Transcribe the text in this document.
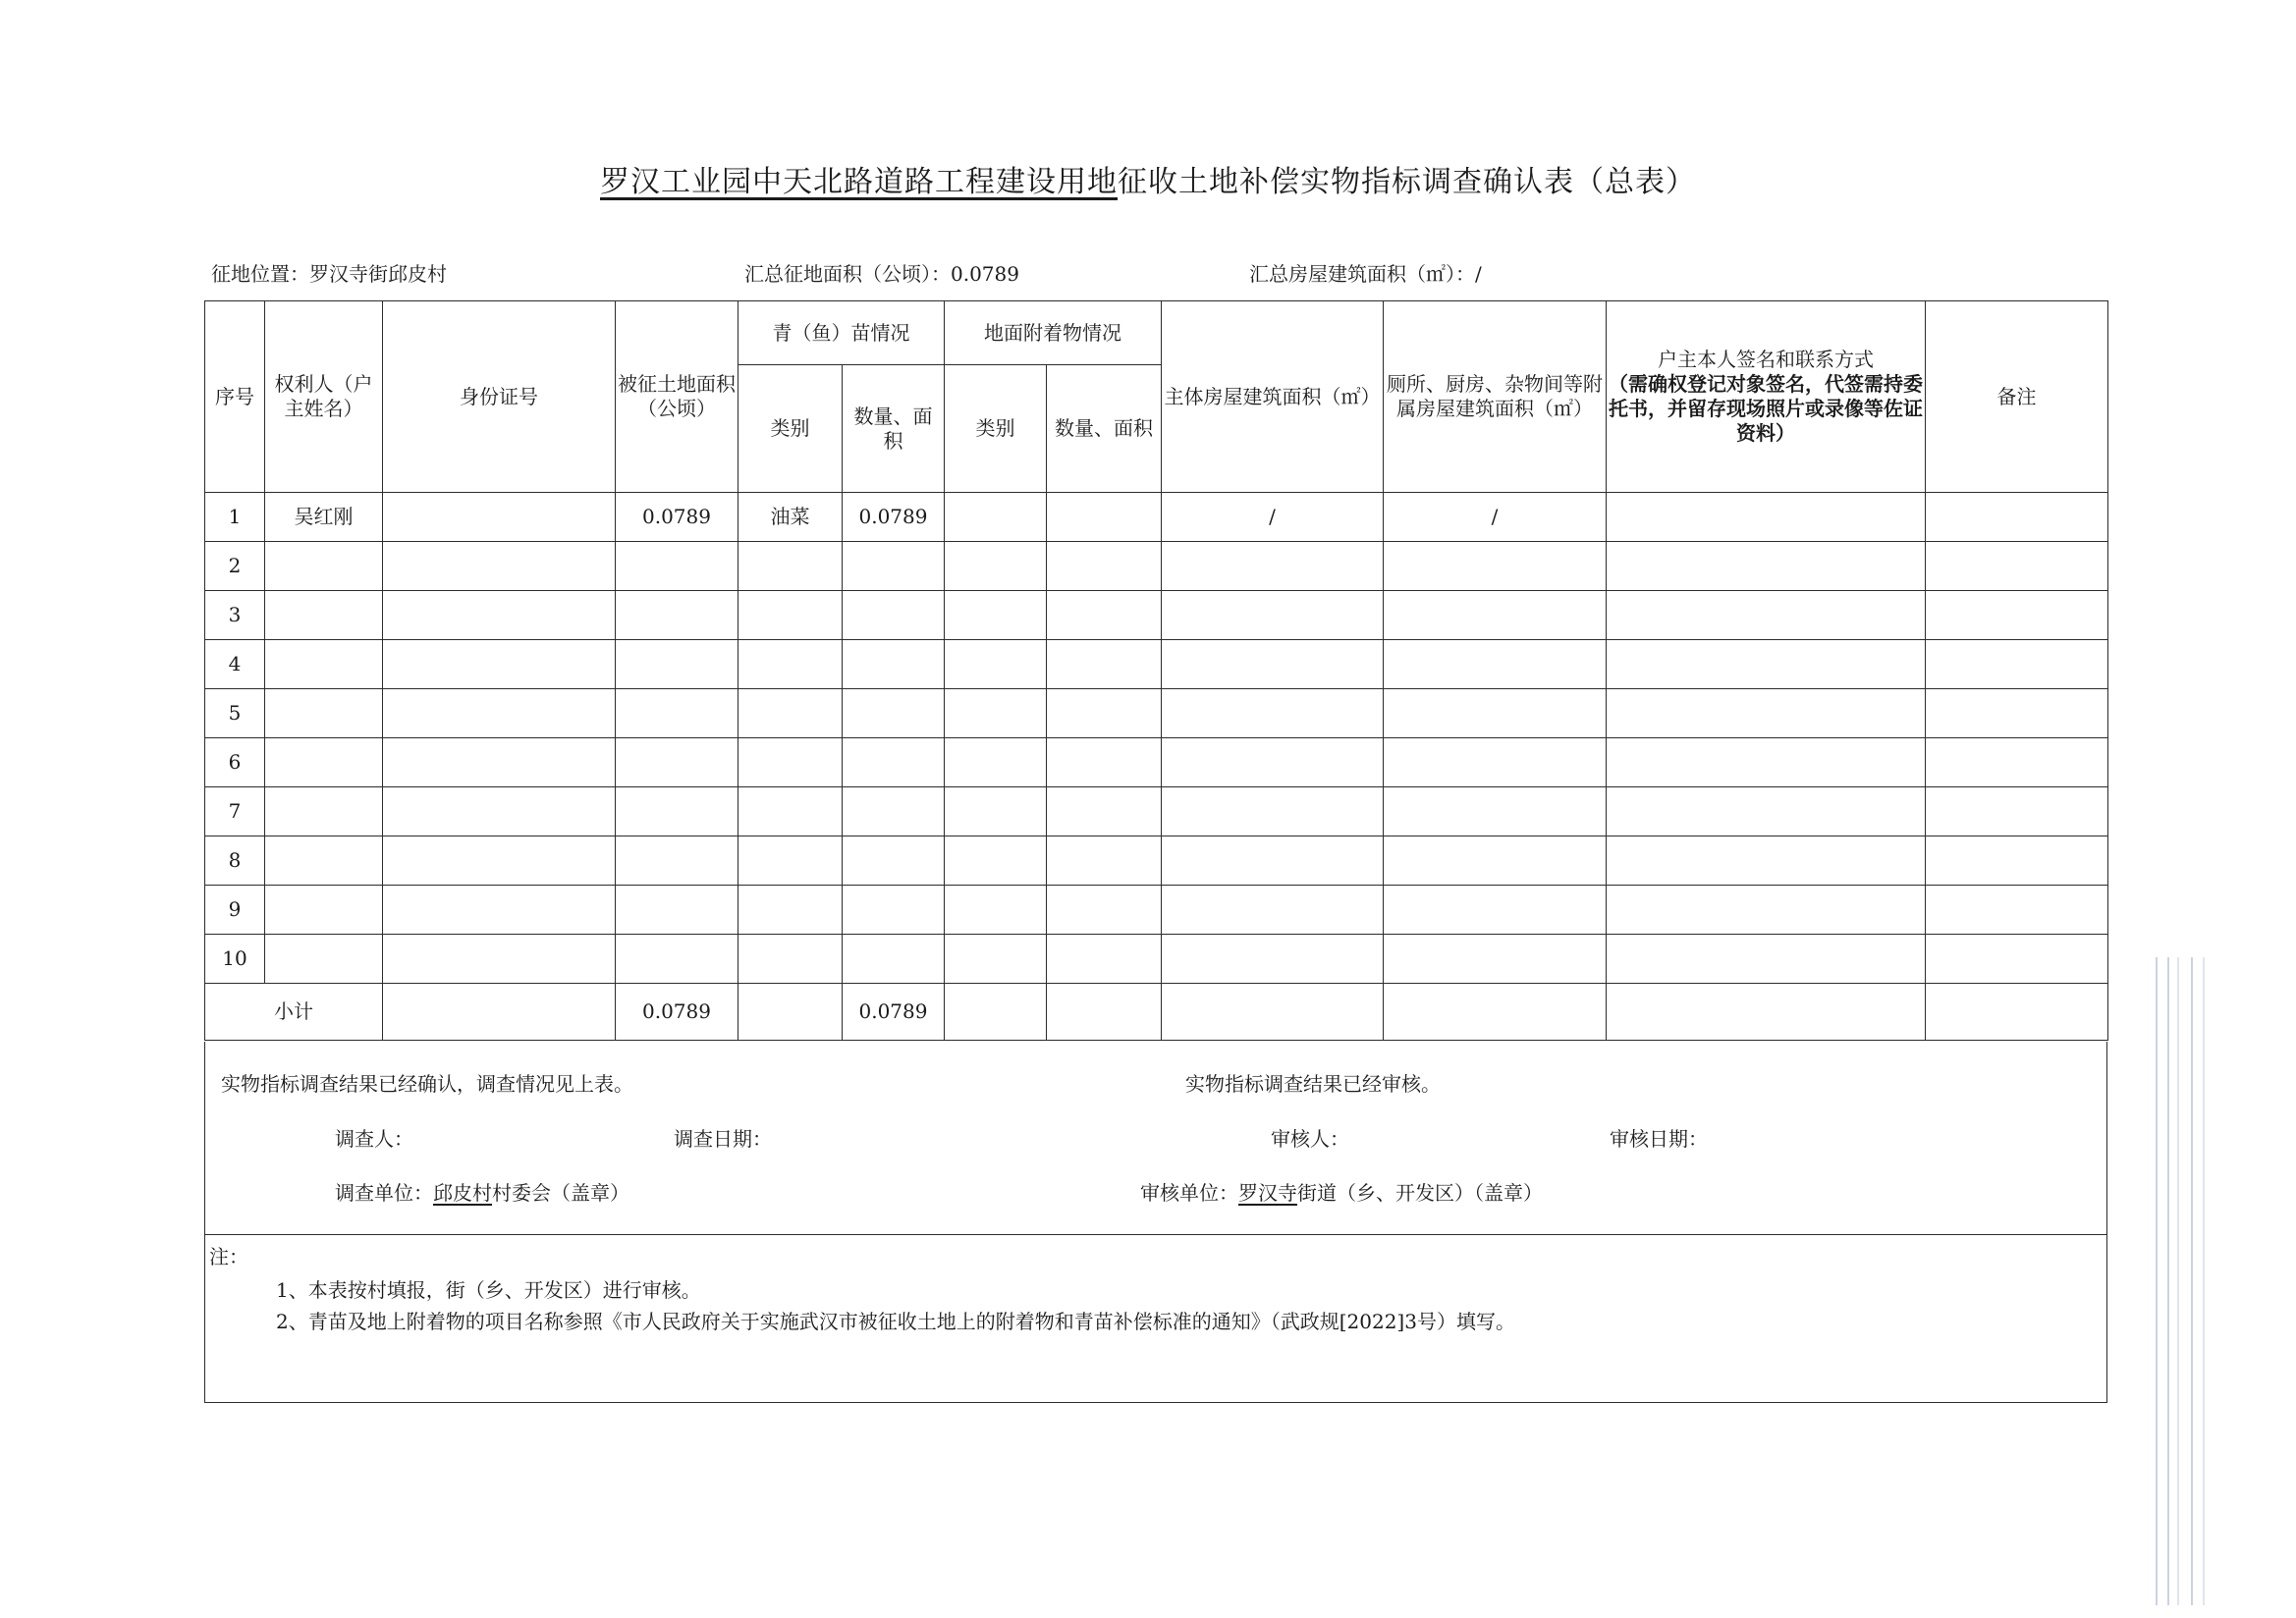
罗汉工业园中天北路道路工程建设用地征收土地补偿实物指标调查确认表（总表）
征地位置：罗汉寺街邱皮村	汇总征地面积（公顷）：0.0789	汇总房屋建筑面积（㎡）：/
序号	权利人（户主姓名）	身份证号	被征土地面积（公顷）	青（鱼）苗情况		地面附着物情况		主体房屋建筑面积（㎡）	厕所、厨房、杂物间等附属房屋建筑面积（㎡）	户主本人签名和联系方式
（需确权登记对象签名，代签需持委托书，并留存现场照片或录像等佐证资料）	备注
				类别	数量、面积	类别	数量、面积				
1	吴红刚		0.0789	油菜	0.0789			/	/		
2											
3											
4											
5											
6											
7											
8											
9											
10											
小计			0.0789		0.0789						
实物指标调查结果已经确认，调查情况见上表。	实物指标调查结果已经审核。
调查人：	调查日期：	审核人：	审核日期：
调查单位：邱皮村村委会（盖章）	审核单位：罗汉寺街道（乡、开发区）（盖章）
注：
1、本表按村填报，街（乡、开发区）进行审核。
2、青苗及地上附着物的项目名称参照《市人民政府关于实施武汉市被征收土地上的附着物和青苗补偿标准的通知》（武政规[2022]3号）填写。
